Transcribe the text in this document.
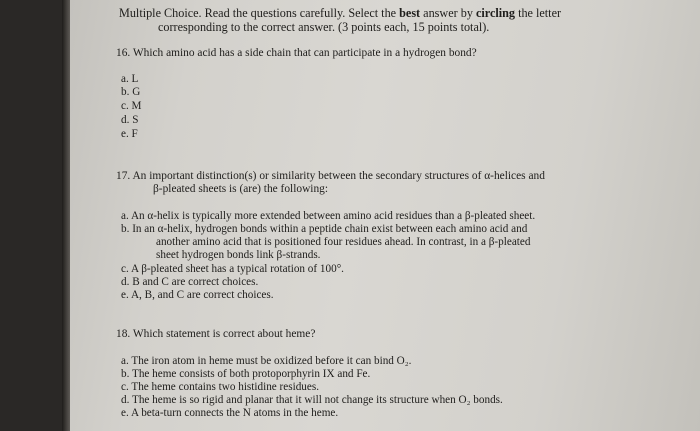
Multiple Choice. Read the questions carefully. Select the best answer by circling the letter
corresponding to the correct answer. (3 points each, 15 points total).
16. Which amino acid has a side chain that can participate in a hydrogen bond?
a. L
b. G
c. M
d. S
e. F
17. An important distinction(s) or similarity between the secondary structures of α-helices and
β-pleated sheets is (are) the following:
a. An α-helix is typically more extended between amino acid residues than a β-pleated sheet.
b. In an α-helix, hydrogen bonds within a peptide chain exist between each amino acid and
another amino acid that is positioned four residues ahead. In contrast, in a β-pleated
sheet hydrogen bonds link β-strands.
c. A β-pleated sheet has a typical rotation of 100°.
d. B and C are correct choices.
e. A, B, and C are correct choices.
18. Which statement is correct about heme?
a. The iron atom in heme must be oxidized before it can bind O₂.
b. The heme consists of both protoporphyrin IX and Fe.
c. The heme contains two histidine residues.
d. The heme is so rigid and planar that it will not change its structure when O₂ bonds.
e. A beta-turn connects the N atoms in the heme.
